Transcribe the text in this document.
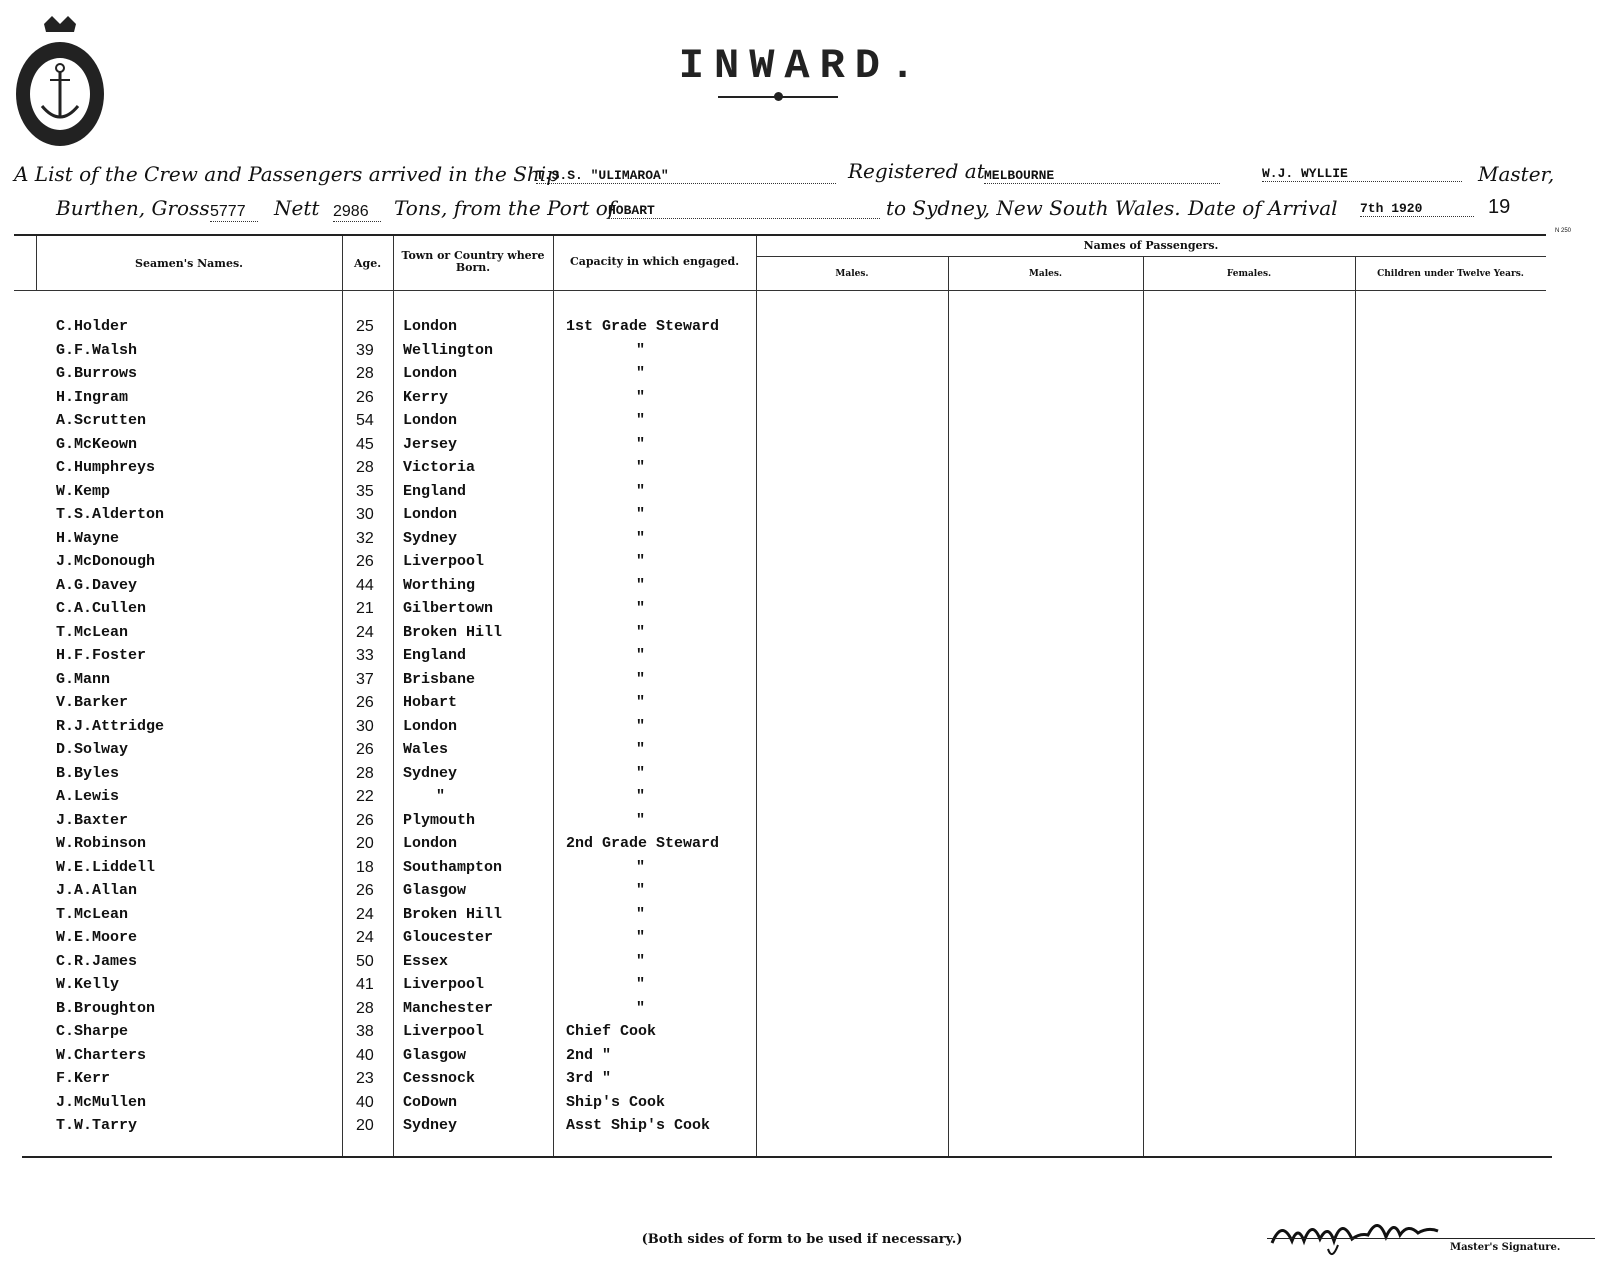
INWARD.
A List of the Crew and Passengers arrived in the Ship
T.S.S. "ULIMAROA"	Registered at MELBOURNE	W.J. WYLLIE	Master,
Burthen, Gross 5777	Nett 2986	Tons, from the Port of
HOBART	to Sydney, New South Wales. Date of Arrival 7th 1920	19
N 250
Seamen's Names.	Age.
Town or Country where Born.	Capacity in which engaged.
Names of Passengers.
Males.	Males.	Females.	Children under Twelve Years.
C.Holder	25 London	1st Grade Steward
G.F.Walsh	39 Wellington	"
G.Burrows	28 London	"
H.Ingram	26 Kerry	"
A.Scrutten	54 London	"
G.McKeown	45 Jersey	"
C.Humphreys	28 Victoria	"
W.Kemp	35 England	"
T.S.Alderton	30 London	"
H.Wayne	32 Sydney	"
J.McDonough	26 Liverpool	"
A.G.Davey	44 Worthing	"
C.A.Cullen	21 Gilbertown	"
T.McLean	24 Broken Hill	"
H.F.Foster	33 England	"
G.Mann	37 Brisbane	"
V.Barker	26 Hobart	"
R.J.Attridge	30 London	"
D.Solway	26 Wales	"
B.Byles	28 Sydney	"
A.Lewis	22	"	"
J.Baxter	26 Plymouth	"
W.Robinson	20 London	2nd Grade Steward
W.E.Liddell	18 Southampton	"
J.A.Allan	26 Glasgow	"
T.McLean	24 Broken Hill	"
W.E.Moore	24 Gloucester	"
C.R.James	50 Essex	"
W.Kelly	41 Liverpool	"
B.Broughton	28 Manchester	"
C.Sharpe	38 Liverpool	Chief Cook
W.Charters	40 Glasgow	2nd "
F.Kerr	23 Cessnock	3rd "
J.McMullen	40 CoDown	Ship's Cook
T.W.Tarry	20 Sydney	Asst Ship's Cook
(Both sides of form to be used if necessary.)
Master's Signature.
